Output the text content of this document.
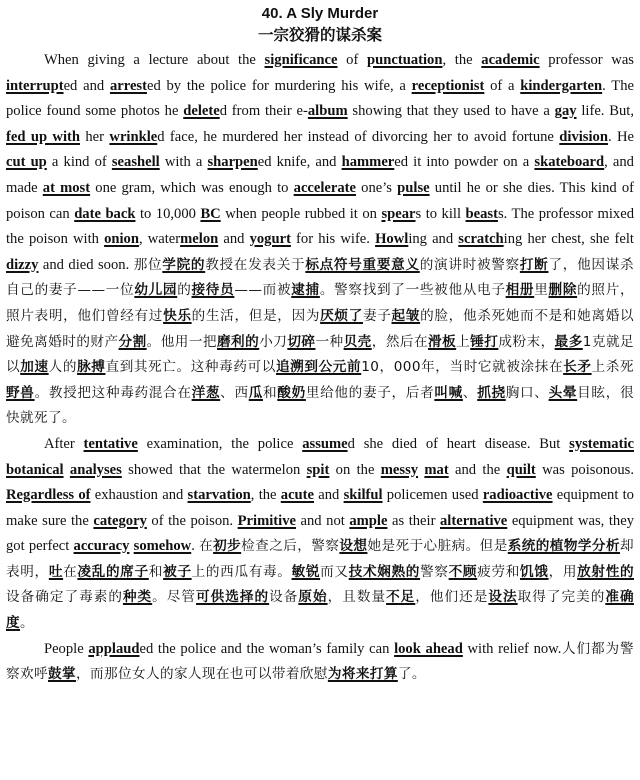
40. A Sly Murder
一宗狡猾的谋杀案

When giving a lecture about the significance of punctuation, the academic professor was interrupted and arrested by the police for murdering his wife, a receptionist of a kindergarten. The police found some photos he deleted from their e-album showing that they used to have a gay life. But, fed up with her wrinkled face, he murdered her instead of divorcing her to avoid fortune division. He cut up a kind of seashell with a sharpened knife, and hammered it into powder on a skateboard, and made at most one gram, which was enough to accelerate one’s pulse until he or she dies. This kind of poison can date back to 10,000 BC when people rubbed it on spears to kill beasts. The professor mixed the poison with onion, watermelon and yogurt for his wife. Howling and scratching her chest, she felt dizzy and died soon. 那位学院的教授在发表关于标点符号重要意义的演讲时被警察打断了，他因谋杀自己的妻子——一位幼儿园的接待员——而被逮捕。警察找到了一些被他从电子相册里删除的照片，照片表明，他们曾经有过快乐的生活，但是，因为厌烦了妻子起皱的脸，他杀死她而不是和她离婚以避免离婚时的财产分割。他用一把磨利的小刀切碎一种贝壳，然后在滑板上锤打成粉末，最多1克就足以加速人的脉搏直到其死亡。这种毒药可以追溯到公元前10，000年，当时它就被涂抹在长矛上杀死野兽。教授把这种毒药混合在洋葱、西瓜和酸奶里给他的妻子，后者叫喊、抓挠胸口、头晕目眩，很快就死了。

After tentative examination, the police assumed she died of heart disease. But systematic botanical analyses showed that the watermelon spit on the messy mat and the quilt was poisonous. Regardless of exhaustion and starvation, the acute and skilful policemen used radioactive equipment to make sure the category of the poison. Primitive and not ample as their alternative equipment was, they got perfect accuracy somehow. 在初步检查之后，警察设想她是死于心脏病。但是系统的植物学分析却表明，吐在凌乱的席子和被子上的西瓜有毒。敏锐而又技术娴熟的警察不顾疲劳和饥饿，用放射性的设备确定了毒素的种类。尽管可供选择的设备原始，且数量不足，他们还是设法取得了完美的准确度。

People applauded the police and the woman’s family can look ahead with relief now.人们都为警察欢呼鼓掌，而那位女人的家人现在也可以带着欣慰为将来打算了。
